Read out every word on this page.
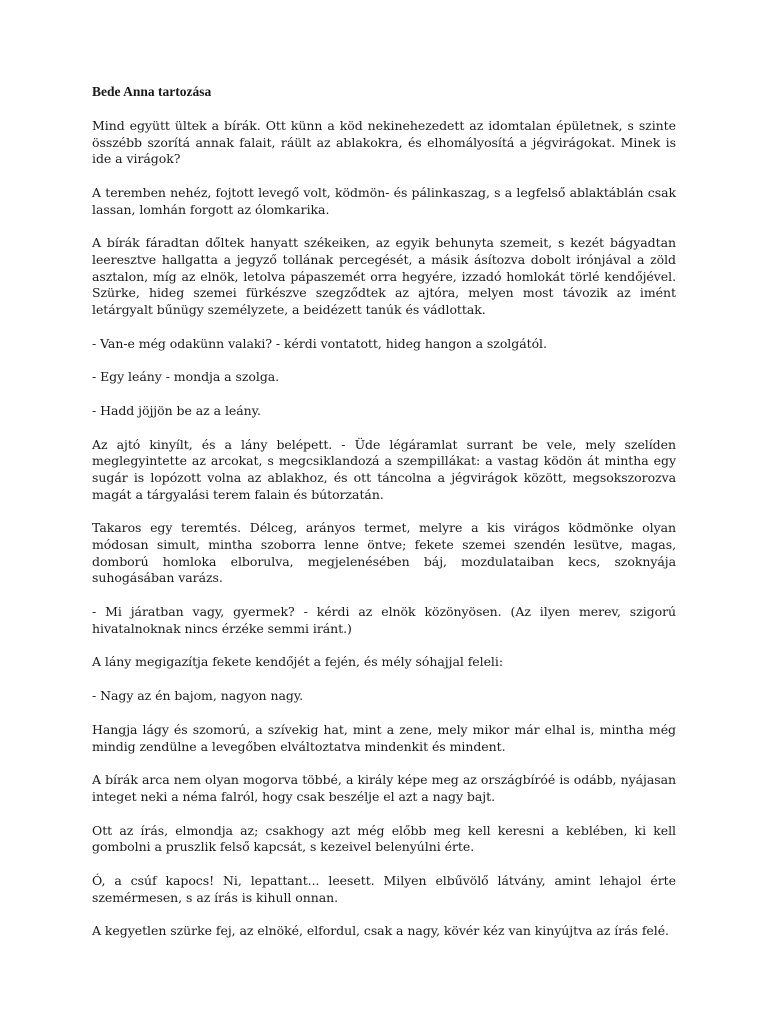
Bede Anna tartozása
Mind együtt ültek a bírák. Ott künn a köd nekinehezedett az idomtalan épületnek, s szinte összébb szorítá annak falait, ráült az ablakokra, és elhomályosítá a jégvirágokat. Minek is ide a virágok?
A teremben nehéz, fojtott levegő volt, ködmön- és pálinkaszag, s a legfelső ablaktáblán csak lassan, lomhán forgott az ólomkarika.
A bírák fáradtan dőltek hanyatt székeiken, az egyik behunyta szemeit, s kezét bágyadtan leeresztve hallgatta a jegyző tollának percegését, a másik ásítozva dobolt irónjával a zöld asztalon, míg az elnök, letolva pápaszemét orra hegyére, izzadó homlokát törlé kendőjével. Szürke, hideg szemei fürkészve szegződtek az ajtóra, melyen most távozik az imént letárgyalt bűnügy személyzete, a beidézett tanúk és vádlottak.
- Van-e még odakünn valaki? - kérdi vontatott, hideg hangon a szolgától.
- Egy leány - mondja a szolga.
- Hadd jöjjön be az a leány.
Az ajtó kinyílt, és a lány belépett. - Üde légáramlat surrant be vele, mely szelíden meglegyintette az arcokat, s megcsiklandozá a szempillákat: a vastag ködön át mintha egy sugár is lopózott volna az ablakhoz, és ott táncolna a jégvirágok között, megsokszorozva magát a tárgyalási terem falain és bútorzatán.
Takaros egy teremtés. Délceg, arányos termet, melyre a kis virágos ködmönke olyan módosan simult, mintha szoborra lenne öntve; fekete szemei szendén lesütve, magas, domború homloka elborulva, megjelenésében báj, mozdulataiban kecs, szoknyája suhogásában varázs.
- Mi járatban vagy, gyermek? - kérdi az elnök közönyösen. (Az ilyen merev, szigorú hivatalnoknak nincs érzéke semmi iránt.)
A lány megigazítja fekete kendőjét a fején, és mély sóhajjal feleli:
- Nagy az én bajom, nagyon nagy.
Hangja lágy és szomorú, a szívekig hat, mint a zene, mely mikor már elhal is, mintha még mindig zendülne a levegőben elváltoztatva mindenkit és mindent.
A bírák arca nem olyan mogorva többé, a király képe meg az országbíróé is odább, nyájasan integet neki a néma falról, hogy csak beszélje el azt a nagy bajt.
Ott az írás, elmondja az; csakhogy azt még előbb meg kell keresni a keblében, ki kell gombolni a pruszlik felső kapcsát, s kezeivel belenyúlni érte.
Ó, a csúf kapocs! Ni, lepattant... leesett. Milyen elbűvölő látvány, amint lehajol érte szemérmesen, s az írás is kihull onnan.
A kegyetlen szürke fej, az elnöké, elfordul, csak a nagy, kövér kéz van kinyújtva az írás felé.
